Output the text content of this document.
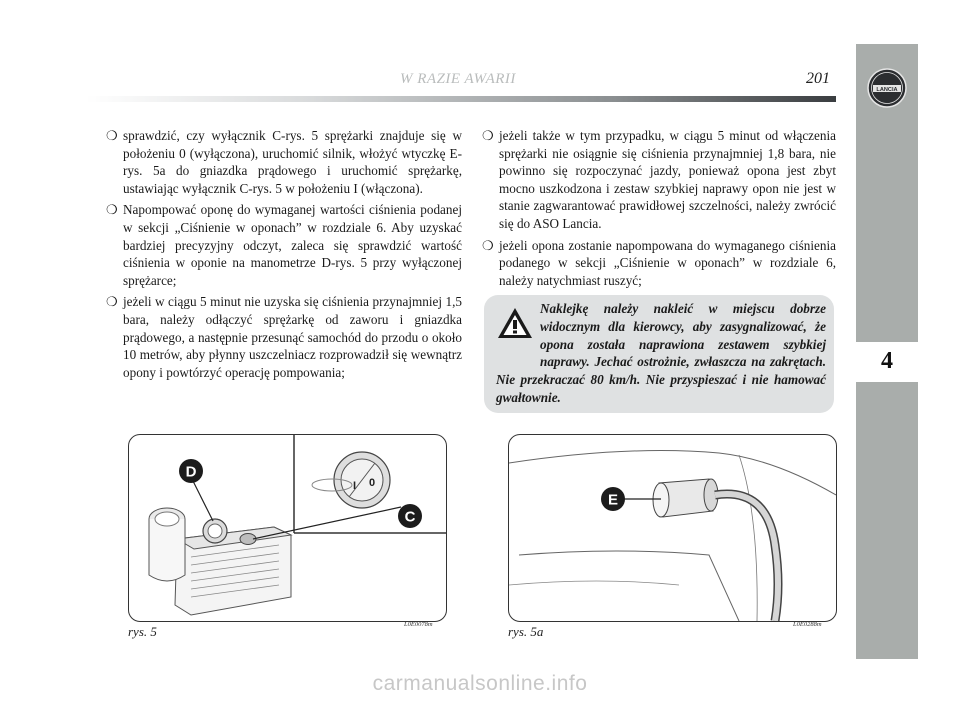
LANCIA
4
W RAZIE AWARII	201
❍ sprawdzić, czy wyłącznik C-rys. 5 sprężarki znajduje się w położeniu 0 (wyłączona), uruchomić silnik, włożyć wtyczkę E-rys. 5a do gniazdka prądowego i uruchomić sprężarkę, ustawiając wyłącznik C-rys. 5 w położeniu I (włączona).
❍ Napompować oponę do wymaganej wartości ciśnienia podanej w sekcji „Ciśnienie w oponach” w rozdziale 6. Aby uzyskać bardziej precyzyjny odczyt, zaleca się sprawdzić wartość ciśnienia w oponie na manometrze D-rys. 5 przy wyłączonej sprężarce;
❍ jeżeli w ciągu 5 minut nie uzyska się ciśnienia przynajmniej 1,5 bara, należy odłączyć sprężarkę od zaworu i gniazdka prądowego, a następnie przesunąć samochód do przodu o około 10 metrów, aby płynny uszczelniacz rozprowadził się wewnątrz opony i powtórzyć operację pompowania;
❍ jeżeli także w tym przypadku, w ciągu 5 minut od włączenia sprężarki nie osiągnie się ciśnienia przynajmniej 1,8 bara, nie powinno się rozpoczynać jazdy, ponieważ opona jest zbyt mocno uszkodzona i zestaw szybkiej naprawy opon nie jest w stanie zagwarantować prawidłowej szczelności, należy zwrócić się do ASO Lancia.
❍ jeżeli opona zostanie napompowana do wymaganego ciśnienia podanego w sekcji „Ciśnienie w oponach” w rozdziale 6, należy natychmiast ruszyć;
Naklejkę należy nakleić w miejscu dobrze widocznym dla kierowcy, aby zasygnalizować, że opona została naprawiona zestawem szybkiej naprawy. Jechać ostrożnie, zwłaszcza na zakrętach. Nie przekraczać 80 km/h. Nie przyspieszać i nie hamować gwałtownie.
I 0
D
C
rys. 5	L0E0078m
E
rys. 5a	L0E0288m
carmanualsonline.info
